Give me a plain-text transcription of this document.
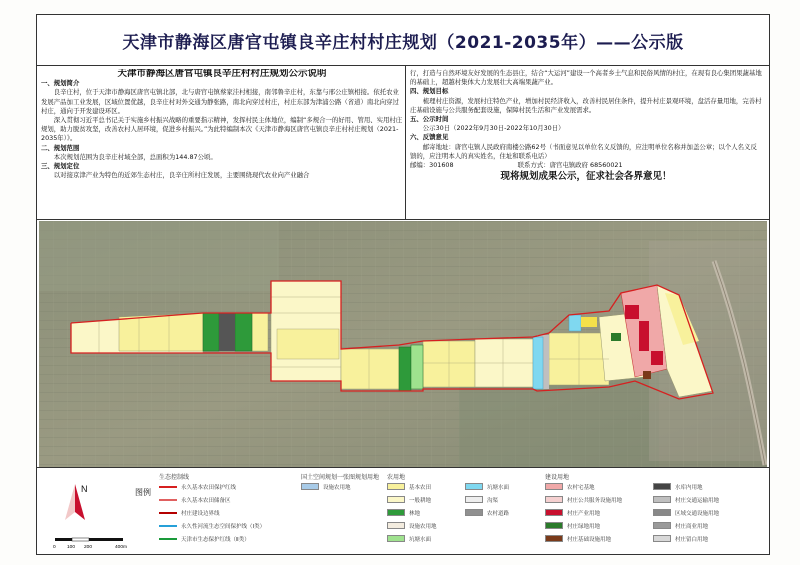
天津市静海区唐官屯镇良辛庄村村庄规划（2021-2035年）——公示版
天津市静海区唐官屯镇良辛庄村村庄规划公示说明
一、规划简介
良辛庄村，位于天津市静海区唐官屯镇北部，北与唐官屯镇蔡家洼村相接，南邻鲁辛庄村，东靠与邢公庄镇相接。依托农业发展产品加工业发展，区域位置优越，良辛庄村对外交通为静张路，南北向穿过村庄，村庄东部为津浦公路（省道）南北向穿过村庄，通向于开发建设环区。
深入贯彻习近平总书记关于实施乡村振兴战略的重要指示精神，发挥村民主体地位，编制“多规合一的好用、管用、实用村庄规划，助力脱贫攻坚，改善农村人居环境，促进乡村振兴。”为此特编制本次《天津市静海区唐官屯镇良辛庄村村庄规划（2021-2035年）》。
二、规划范围
本次规划范围为良辛庄村域全部，总面积为144.87公顷。
三、规划定位
以对接京津产业为特色的近郊生态村庄，良辛庄所村庄发展，主要围绕现代农业向产业融合
行，打造与自然环境友好发展的生态县庄，结合“大运河”建设一个高者乡土气息和民俗风情的村庄，在现有良心集团果蔬基地的基础上，超越村集体大力发展壮大高端果蔬产业。
四、规划目标
梳理村庄资源，发展村庄特色产业，增加村民经济收入，改善村民居住条件，提升村庄景观环境，盘活存量用地，完善村庄基础设施与公共服务配套设施，保障村民生活和产业发展需求。
五、公示时间
公示30日（2022年9月30日-2022年10月30日）
六、反馈意见
邮寄地址：唐官屯镇人民政府南楼公路62号（书面意见以单位名义反馈的，应注明单位名称并加盖公章；以个人名义反馈的，应注明本人的真实姓名，住址和联系电话）
邮编：301608	联系方式：唐官屯镇政府 68560021
现将规划成果公示，征求社会各界意见！
N
0 100 200	400m
图例
生态控制线	国土空间规划一张图规划用地 农用地	建设用地
永久基本农田保护红线
永久基本农田储备区
村庄建设边界线
永久性河流生态空间保护线（Ⅰ类）
天津市生态保护红线（Ⅱ类）
设施农用地	基本农田
一般耕地
林地
设施农用地
坑塘水面
坑塘水面
沟渠
农村道路
农村宅基地
村庄公共服务设施用地
村庄产业用地
村庄绿地用地
村庄基础设施用地
水库内用地
村庄交通运输用地
区域交通设施用地
村庄商业用地
村庄留白用地
